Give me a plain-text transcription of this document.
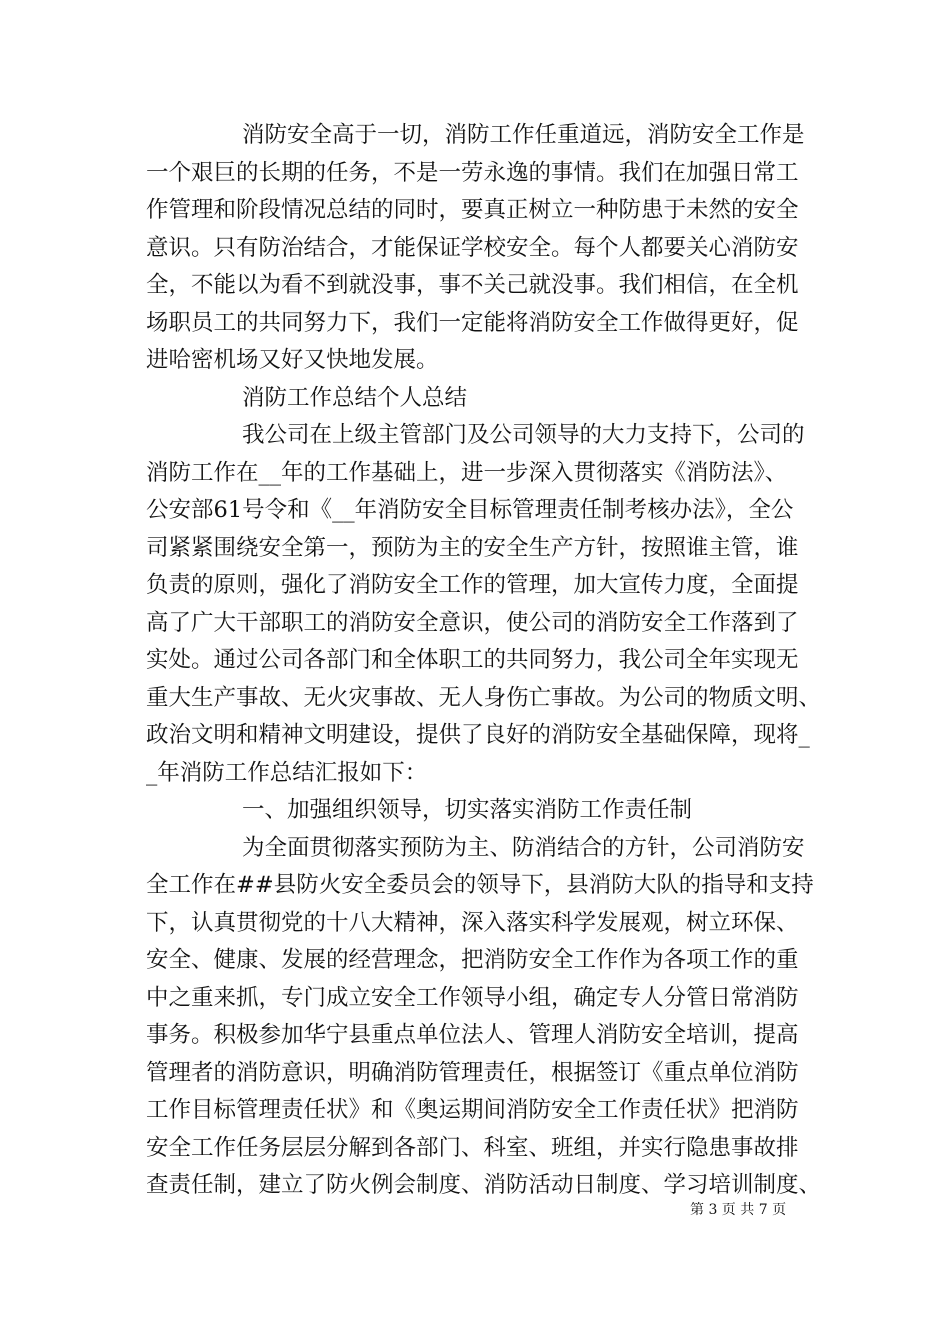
消防安全高于一切，消防工作任重道远，消防安全工作是
一个艰巨的长期的任务，不是一劳永逸的事情。我们在加强日常工
作管理和阶段情况总结的同时，要真正树立一种防患于未然的安全
意识。只有防治结合，才能保证学校安全。每个人都要关心消防安
全，不能以为看不到就没事，事不关己就没事。我们相信，在全机
场职员工的共同努力下，我们一定能将消防安全工作做得更好，促
进哈密机场又好又快地发展。
消防工作总结个人总结
我公司在上级主管部门及公司领导的大力支持下，公司的
消防工作在__年的工作基础上，进一步深入贯彻落实《消防法》、
公安部61号令和《__年消防安全目标管理责任制考核办法》，全公
司紧紧围绕安全第一，预防为主的安全生产方针，按照谁主管，谁
负责的原则，强化了消防安全工作的管理，加大宣传力度，全面提
高了广大干部职工的消防安全意识，使公司的消防安全工作落到了
实处。通过公司各部门和全体职工的共同努力，我公司全年实现无
重大生产事故、无火灾事故、无人身伤亡事故。为公司的物质文明、
政治文明和精神文明建设，提供了良好的消防安全基础保障，现将_
_年消防工作总结汇报如下：
一、加强组织领导，切实落实消防工作责任制
为全面贯彻落实预防为主、防消结合的方针，公司消防安
全工作在##县防火安全委员会的领导下，县消防大队的指导和支持
下，认真贯彻党的十八大精神，深入落实科学发展观，树立环保、
安全、健康、发展的经营理念，把消防安全工作作为各项工作的重
中之重来抓，专门成立安全工作领导小组，确定专人分管日常消防
事务。积极参加华宁县重点单位法人、管理人消防安全培训，提高
管理者的消防意识，明确消防管理责任，根据签订《重点单位消防
工作目标管理责任状》和《奥运期间消防安全工作责任状》把消防
安全工作任务层层分解到各部门、科室、班组，并实行隐患事故排
查责任制，建立了防火例会制度、消防活动日制度、学习培训制度、
第 3 页 共 7 页
